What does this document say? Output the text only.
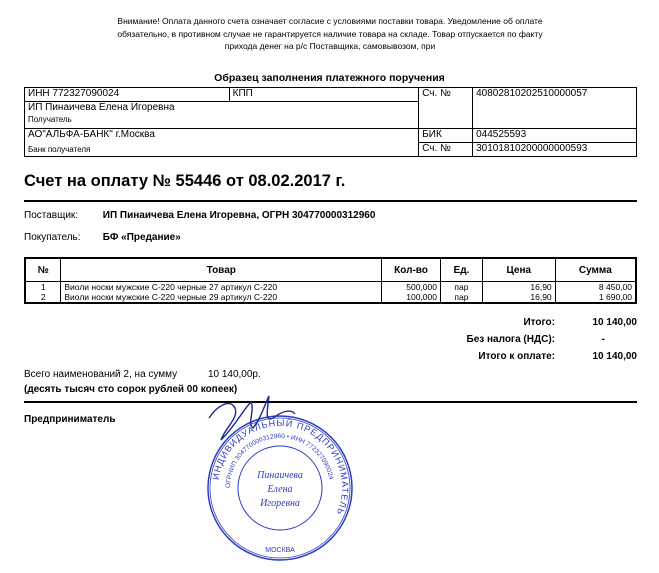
Внимание! Оплата данного счета означает согласие с условиями поставки товара. Уведомление об оплате
обязательно, в противном случае не гарантируется наличие товара на складе. Товар отпускается по факту
прихода денег на р/с Поставщика, самовывозом, при
Образец заполнения платежного поручения
ИНН 772327090024	КПП	Сч. №	40802810202510000057
ИП Пинаичева Елена Игоревна			
Получатель			
АО"АЛЬФА-БАНК" г.Москва		БИК	044525593
		Сч. №	30101810200000000593
Банк получателя
Счет на оплату № 55446 от 08.02.2017 г.
Поставщик: ИП Пинаичева Елена Игоревна, ОГРН 304770000312960
Покупатель: БФ «Предание»
№	Товар	Кол-во	Ед.	Цена	Сумма
1	Виоли носки мужские С-220 черные 27 артикул С-220	500,000	пар	16,90	8 450,00
2	Виоли носки мужские С-220 черные 29 артикул С-220	100,000	пар	16,90	1 690,00
Итого:	10 140,00
Без налога (НДС):	-
Итого к оплате:	10 140,00
Всего наименований 2, на сумму	10 140,00р.
(десять тысяч сто сорок рублей 00 копеек)
Предприниматель
ИНДИВИДУАЛЬНЫЙ ПРЕДПРИНИМАТЕЛЬ
ОГРНИП 304770000312960 • ИНН 772327090024
МОСКВА
Пинаичева
Елена
Игоревна
